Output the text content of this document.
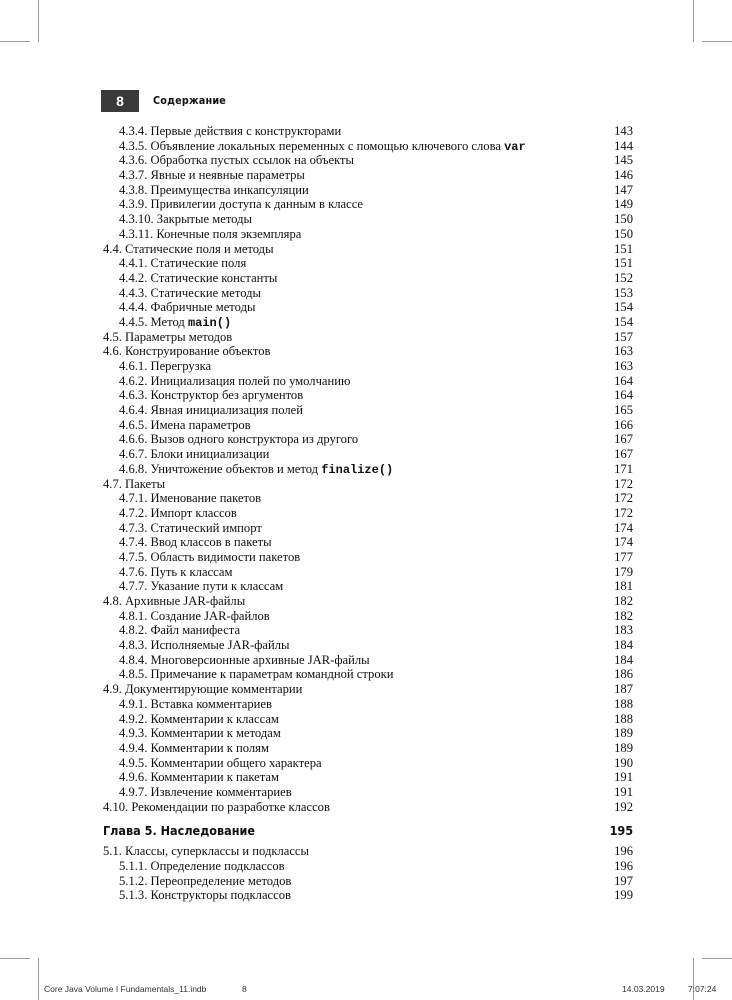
8	Содержание
4.3.4. Первые действия с конструкторами	143
4.3.5. Объявление локальных переменных с помощью ключевого слова var	144
4.3.6. Обработка пустых ссылок на объекты	145
4.3.7. Явные и неявные параметры	146
4.3.8. Преимущества инкапсуляции	147
4.3.9. Привилегии доступа к данным в классе	149
4.3.10. Закрытые методы	150
4.3.11. Конечные поля экземпляра	150
4.4. Статические поля и методы	151
4.4.1. Статические поля	151
4.4.2. Статические константы	152
4.4.3. Статические методы	153
4.4.4. Фабричные методы	154
4.4.5. Метод main()	154
4.5. Параметры методов	157
4.6. Конструирование объектов	163
4.6.1. Перегрузка	163
4.6.2. Инициализация полей по умолчанию	164
4.6.3. Конструктор без аргументов	164
4.6.4. Явная инициализация полей	165
4.6.5. Имена параметров	166
4.6.6. Вызов одного конструктора из другого	167
4.6.7. Блоки инициализации	167
4.6.8. Уничтожение объектов и метод finalize()	171
4.7. Пакеты	172
4.7.1. Именование пакетов	172
4.7.2. Импорт классов	172
4.7.3. Статический импорт	174
4.7.4. Ввод классов в пакеты	174
4.7.5. Область видимости пакетов	177
4.7.6. Путь к классам	179
4.7.7. Указание пути к классам	181
4.8. Архивные JAR-файлы	182
4.8.1. Создание JAR-файлов	182
4.8.2. Файл манифеста	183
4.8.3. Исполняемые JAR-файлы	184
4.8.4. Многоверсионные архивные JAR-файлы	184
4.8.5. Примечание к параметрам командной строки	186
4.9. Документирующие комментарии	187
4.9.1. Вставка комментариев	188
4.9.2. Комментарии к классам	188
4.9.3. Комментарии к методам	189
4.9.4. Комментарии к полям	189
4.9.5. Комментарии общего характера	190
4.9.6. Комментарии к пакетам	191
4.9.7. Извлечение комментариев	191
4.10. Рекомендации по разработке классов	192
Глава 5. Наследование	195
5.1. Классы, суперклассы и подклассы	196
5.1.1. Определение подклассов	196
5.1.2. Переопределение методов	197
5.1.3. Конструкторы подклассов	199
Core Java Volume I Fundamentals_11.indb	8	14.03.2019	7:07:24
